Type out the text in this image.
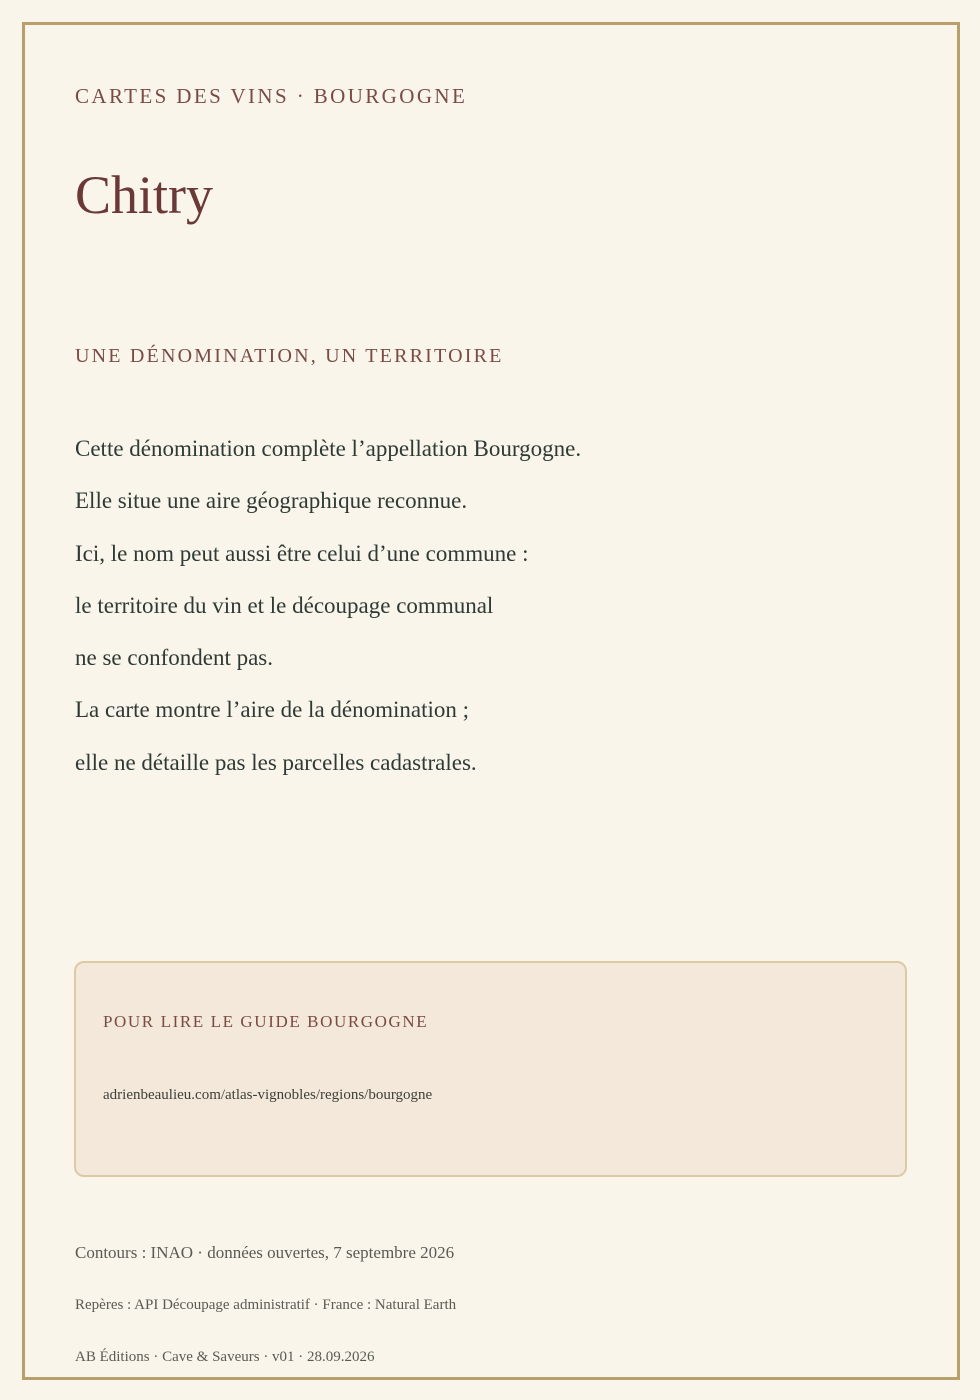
CARTES DES VINS · BOURGOGNE
Chitry
UNE DÉNOMINATION, UN TERRITOIRE
Cette dénomination complète l’appellation Bourgogne.
Elle situe une aire géographique reconnue.
Ici, le nom peut aussi être celui d’une commune :
le territoire du vin et le découpage communal
ne se confondent pas.
La carte montre l’aire de la dénomination ;
elle ne détaille pas les parcelles cadastrales.
POUR LIRE LE GUIDE BOURGOGNE
adrienbeaulieu.com/atlas-vignobles/regions/bourgogne
Contours : INAO · données ouvertes, 7 septembre 2026
Repères : API Découpage administratif · France : Natural Earth
AB Éditions · Cave & Saveurs · v01 · 28.09.2026
